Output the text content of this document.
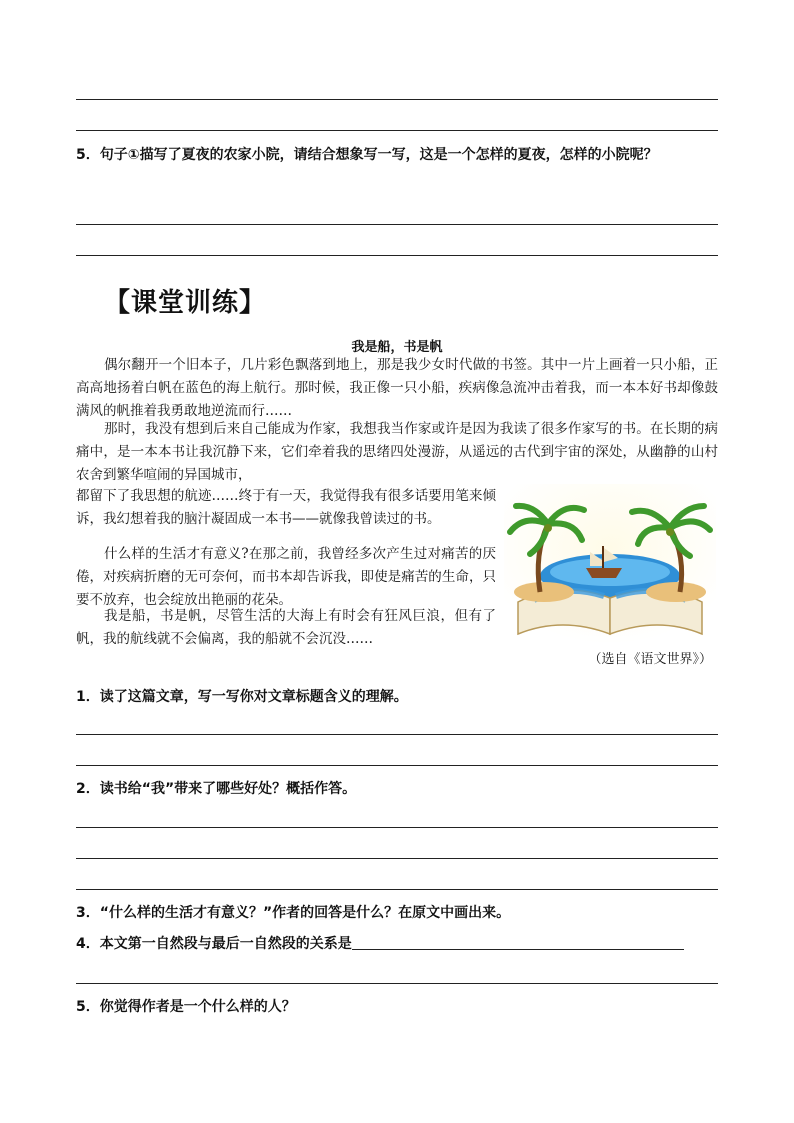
5．句子①描写了夏夜的农家小院，请结合想象写一写，这是一个怎样的夏夜，怎样的小院呢？
【课堂训练】
我是船，书是帆
偶尔翻开一个旧本子，几片彩色飘落到地上，那是我少女时代做的书签。其中一片上画着一只小船，正高高地扬着白帆在蓝色的海上航行。那时候，我正像一只小船，疾病像急流冲击着我，而一本本好书却像鼓满风的帆推着我勇敢地逆流而行……
那时，我没有想到后来自己能成为作家，我想我当作家或许是因为我读了很多作家写的书。在长期的病痛中，是一本本书让我沉静下来，它们牵着我的思绪四处漫游，从遥远的古代到宇宙的深处，从幽静的山村农舍到繁华喧闹的异国城市，
都留下了我思想的航迹……终于有一天，我觉得我有很多话要用笔来倾诉，我幻想着我的脑汁凝固成一本书——就像我曾读过的书。
什么样的生活才有意义?在那之前，我曾经多次产生过对痛苦的厌倦，对疾病折磨的无可奈何，而书本却告诉我，即使是痛苦的生命，只要不放弃，也会绽放出艳丽的花朵。
我是船，书是帆，尽管生活的大海上有时会有狂风巨浪，但有了帆，我的航线就不会偏离，我的船就不会沉没……
（选自《语文世界》）
1．读了这篇文章，写一写你对文章标题含义的理解。
2．读书给“我”带来了哪些好处？概括作答。
3．“什么样的生活才有意义？”作者的回答是什么？在原文中画出来。
4．本文第一自然段与最后一自然段的关系是
5．你觉得作者是一个什么样的人？
